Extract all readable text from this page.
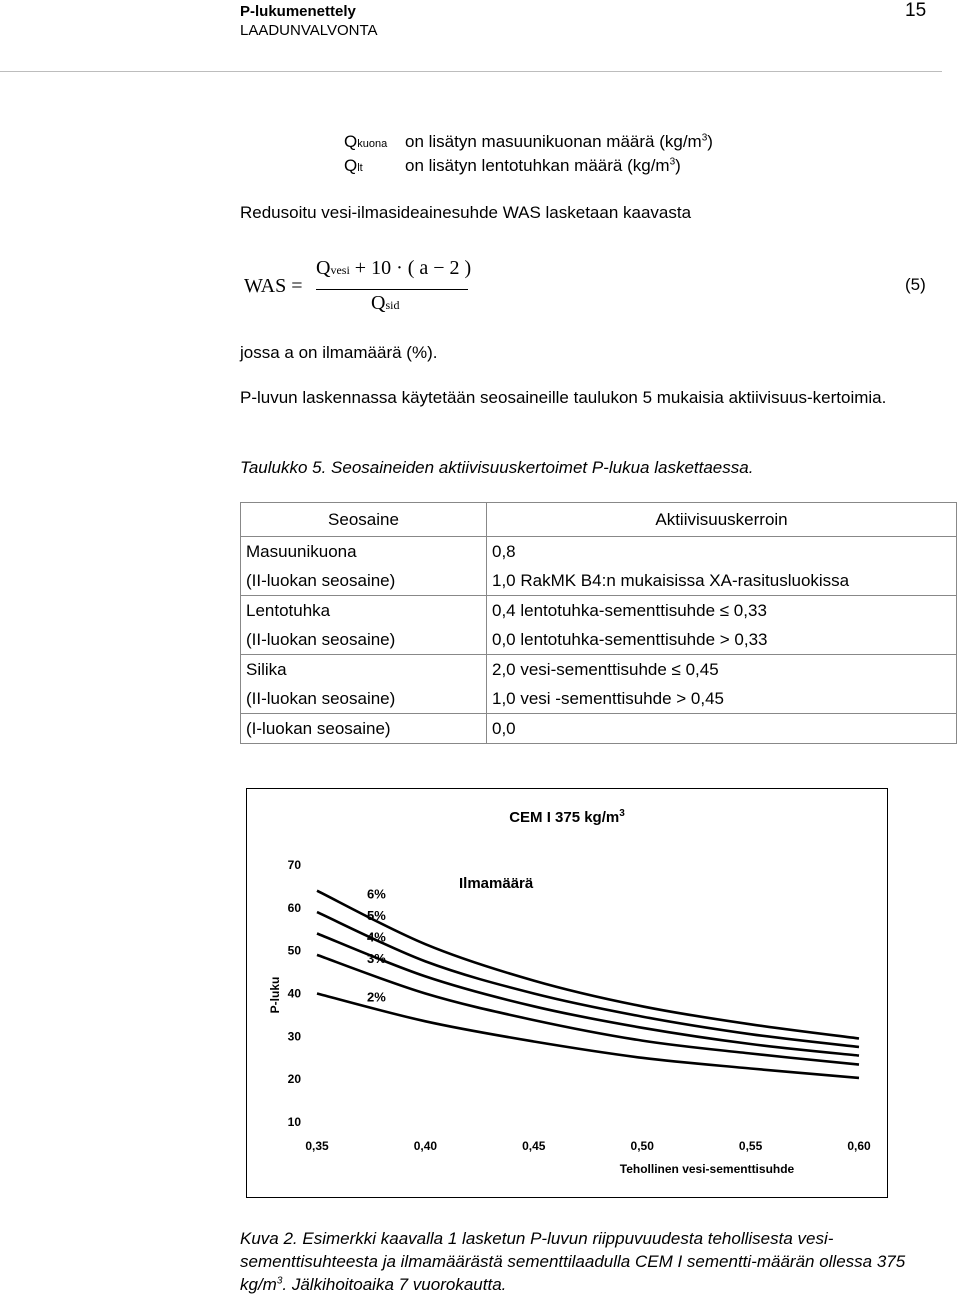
P-lukumenettely
LAADUNVALVONTA
15
Qkuona on lisätyn masuunikuonan määrä $(kg/m^3)$
Qlt on lisätyn lentotuhkan määrä $(kg/m^3)$
Redusoitu vesi-ilmasideainesuhde WAS lasketaan kaavasta
WAS =
Qvesi + 10 · ( a − 2 )
Qsid
(5)
jossa a on ilmamäärä (%).
P-luvun laskennassa käytetään seosaineille taulukon 5 mukaisia aktiivisuus-kertoimia.
Taulukko 5. Seosaineiden aktiivisuuskertoimet P-lukua laskettaessa.
Seosaine	Aktiivisuuskerroin
Masuunikuona	0,8
(II-luokan seosaine)	1,0 RakMK B4:n mukaisissa XA-rasitusluokissa
Lentotuhka	0,4 lentotuhka-sementtisuhde ≤ 0,33
(II-luokan seosaine)	0,0 lentotuhka-sementtisuhde > 0,33
Silika	2,0 vesi-sementtisuhde ≤ 0,45
(II-luokan seosaine)	1,0 vesi -sementtisuhde > 0,45
(I-luokan seosaine)	0,0
CEM I 375 $kg/m^3$
Ilmamäärä
Tehollinen vesi-sementtisuhde
P-luku
70
60
50
40
30
20
10
0,35	0,40	0,45	0,50	0,55	0,60
2%
3%
4%
5%
6%
Kuva 2. Esimerkki kaavalla 1 lasketun P-luvun riippuvuudesta tehollisesta vesi-sementtisuhteesta ja ilmamäärästä sementtilaadulla CEM I sementti-määrän ollessa 375 $kg/m^3$. Jälkihoitoaika 7 vuorokautta.
